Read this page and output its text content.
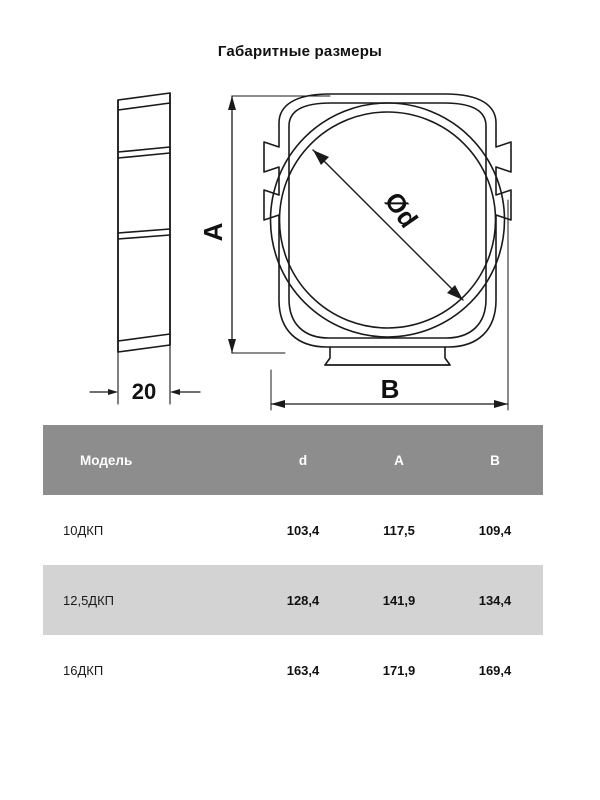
Габаритные размеры
20
A
B
Ød
Модель	d	A	B
10ДКП	103,4	117,5	109,4
12,5ДКП	128,4	141,9	134,4
16ДКП	163,4	171,9	169,4
